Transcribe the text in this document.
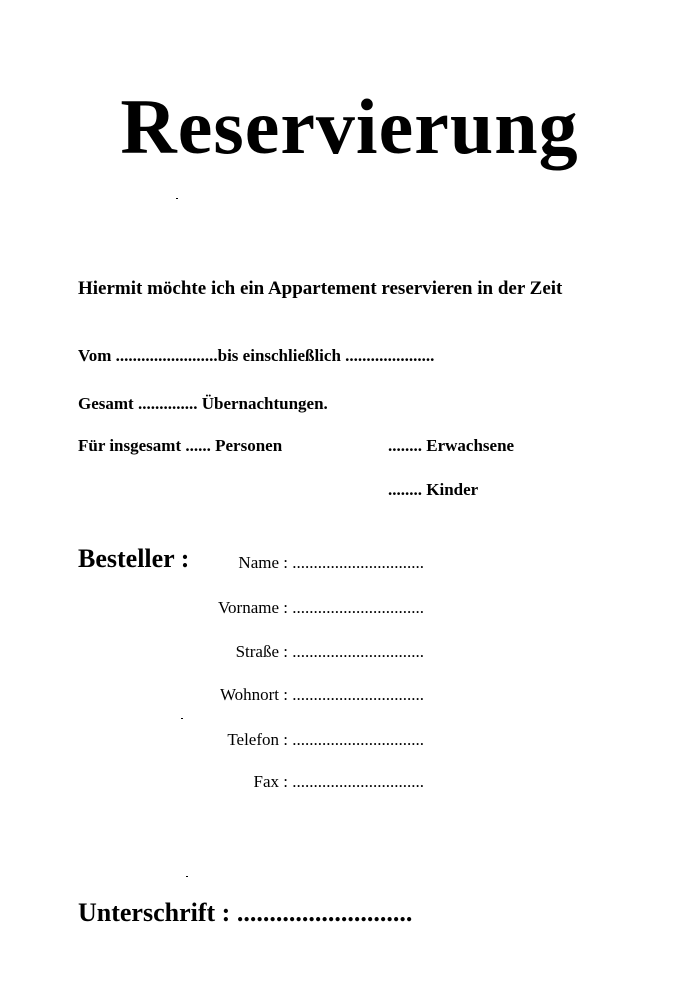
Reservierung
Hiermit möchte ich ein Appartement reservieren in der Zeit
Vom ........................bis einschließlich .....................
Gesamt .............. Übernachtungen.
Für insgesamt ...... Personen	........ Erwachsene
........ Kinder
Besteller :	Name : ...............................
Vorname : ...............................
Straße : ...............................
Wohnort : ...............................
Telefon : ...............................
Fax : ...............................
Unterschrift : ...........................
